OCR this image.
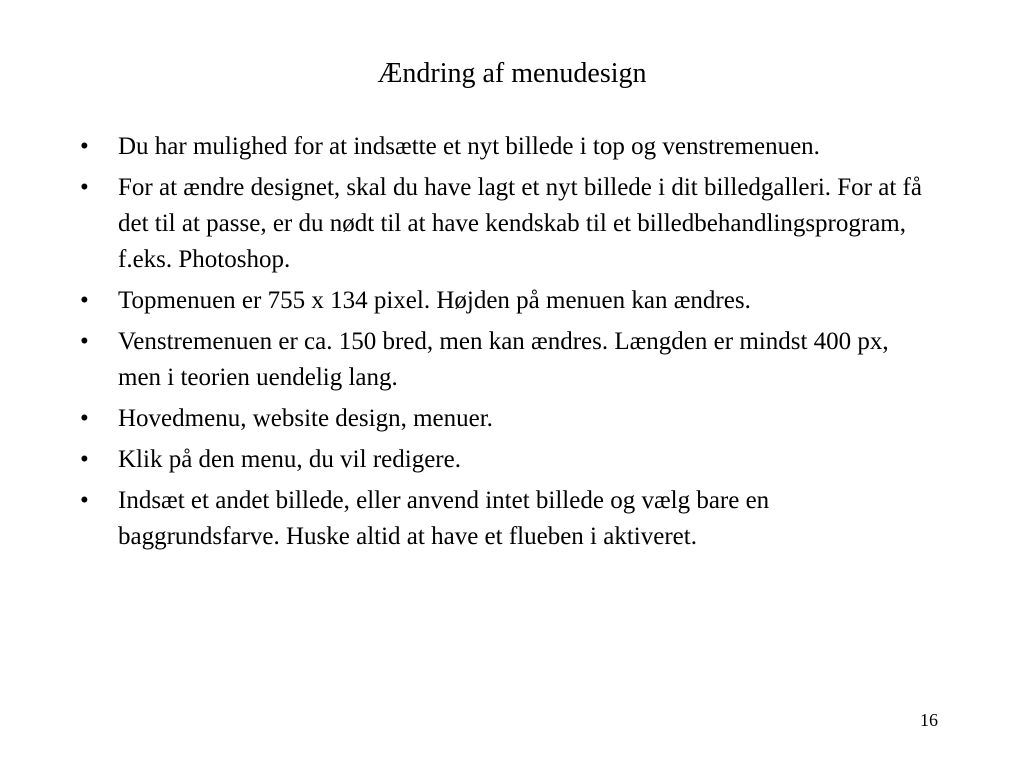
Ændring af menudesign
•	Du har mulighed for at indsætte et nyt billede i top og venstremenuen.
•	For at ændre designet, skal du have lagt et nyt billede i dit billedgalleri. For at få det til at passe, er du nødt til at have kendskab til et billedbehandlingsprogram, f.eks. Photoshop.
•	Topmenuen er 755 x 134 pixel. Højden på menuen kan ændres.
•	Venstremenuen er ca. 150 bred, men kan ændres. Længden er mindst 400 px, men i teorien uendelig lang.
•	Hovedmenu, website design, menuer.
•	Klik på den menu, du vil redigere.
•	Indsæt et andet billede, eller anvend intet billede og vælg bare en baggrundsfarve. Huske altid at have et flueben i aktiveret.
16
